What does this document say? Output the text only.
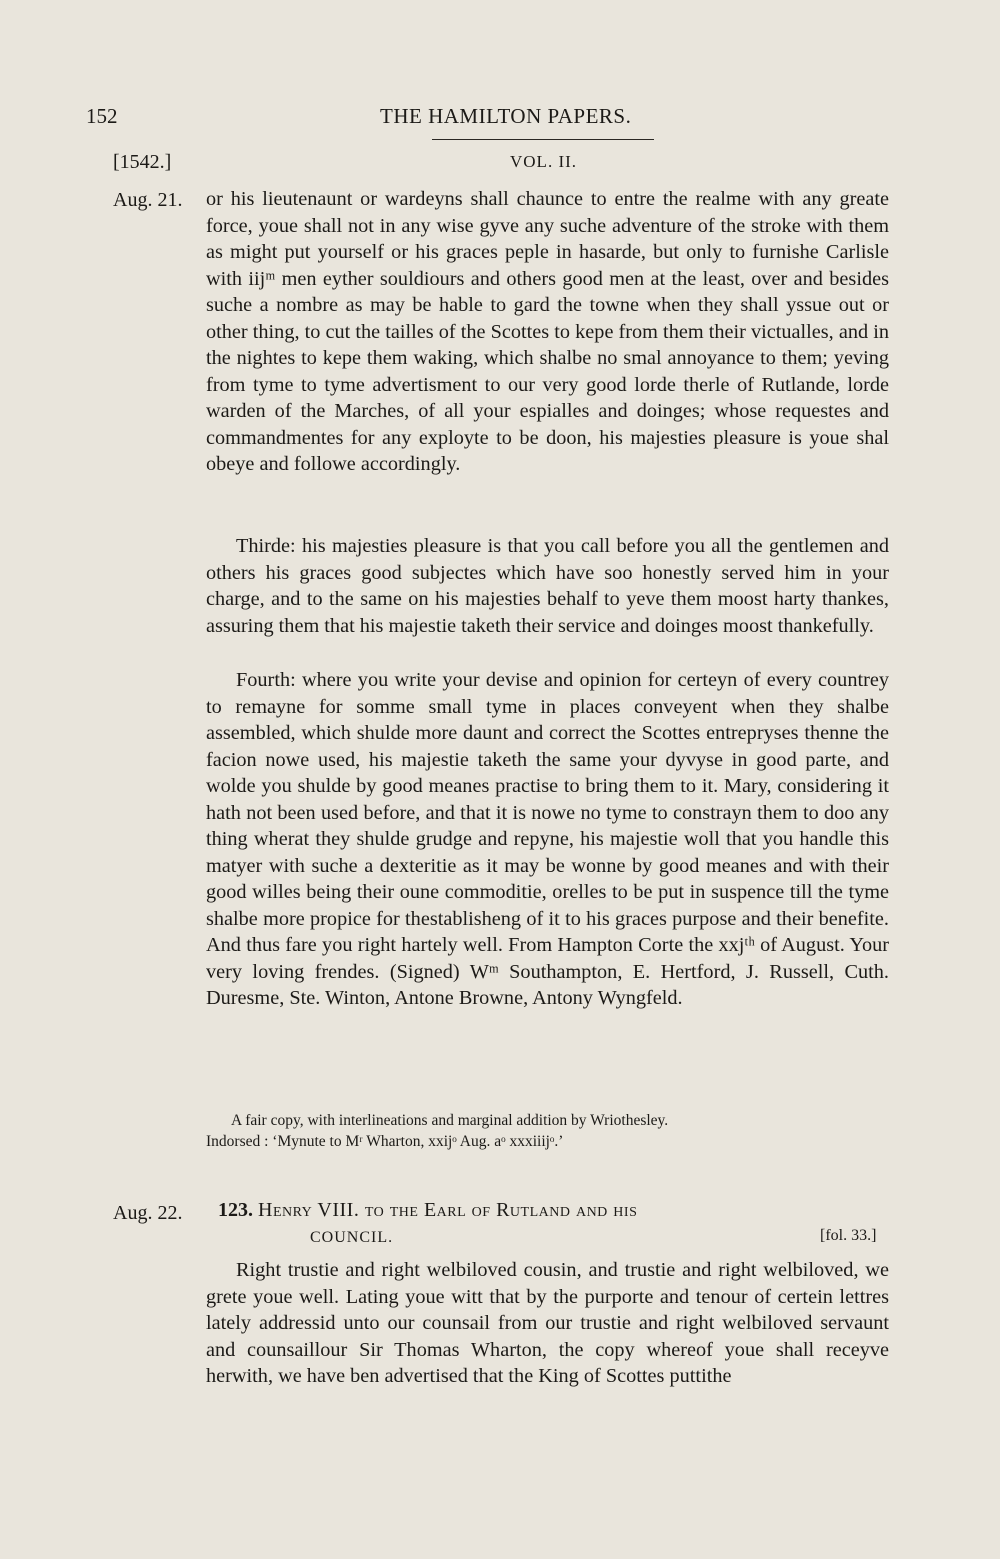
152	THE HAMILTON PAPERS.
[1542.]	VOL. II.
Aug. 21. or his lieutenaunt or wardeyns shall chaunce to entre the realme with any greate force, youe shall not in any wise gyve any suche adventure of the stroke with them as might put yourself or his graces peple in hasarde, but only to furnishe Carlisle with iijᵐ men eyther souldiours and others good men at the least, over and besides suche a nombre as may be hable to gard the towne when they shall yssue out or other thing, to cut the tailles of the Scottes to kepe from them their victualles, and in the nightes to kepe them waking, which shalbe no smal annoyance to them; yeving from tyme to tyme advertisment to our very good lorde therle of Rutlande, lorde warden of the Marches, of all your espialles and doinges; whose requestes and commandmentes for any exployte to be doon, his majesties pleasure is youe shal obeye and followe accordingly.

Thirde: his majesties pleasure is that you call before you all the gentlemen and others his graces good subjectes which have soo honestly served him in your charge, and to the same on his majesties behalf to yeve them moost harty thankes, assuring them that his majestie taketh their service and doinges moost thankefully.

Fourth: where you write your devise and opinion for certeyn of every countrey to remayne for somme small tyme in places conveyent when they shalbe assembled, which shulde more daunt and correct the Scottes entrepryses thenne the facion nowe used, his majestie taketh the same your dyvyse in good parte, and wolde you shulde by good meanes practise to bring them to it. Mary, considering it hath not been used before, and that it is nowe no tyme to constrayn them to doo any thing wherat they shulde grudge and repyne, his majestie woll that you handle this matyer with suche a dexteritie as it may be wonne by good meanes and with their good willes being their oune commoditie, orelles to be put in suspence till the tyme shalbe more propice for thestablisheng of it to his graces purpose and their benefite. And thus fare you right hartely well. From Hampton Corte the xxjᵗʰ of August. Your very loving frendes. (Signed) Wᵐ Southampton, E. Hertford, J. Russell, Cuth. Duresme, Ste. Winton, Antone Browne, Antony Wyngfeld.

A fair copy, with interlineations and marginal addition by Wriothesley.
Indorsed : ‘Mynute to Mʳ Wharton, xxijᵒ Aug. aᵒ xxxiiijᵒ.’

Aug. 22. 123. Henry VIII. to the Earl of Rutland and his
COUNCIL.	[fol. 33.]

Right trustie and right welbiloved cousin, and trustie and right welbiloved, we grete youe well. Lating youe witt that by the purporte and tenour of certein lettres lately addressid unto our counsail from our trustie and right welbiloved servaunt and counsaillour Sir Thomas Wharton, the copy whereof youe shall receyve herwith, we have ben advertised that the King of Scottes puttithe
